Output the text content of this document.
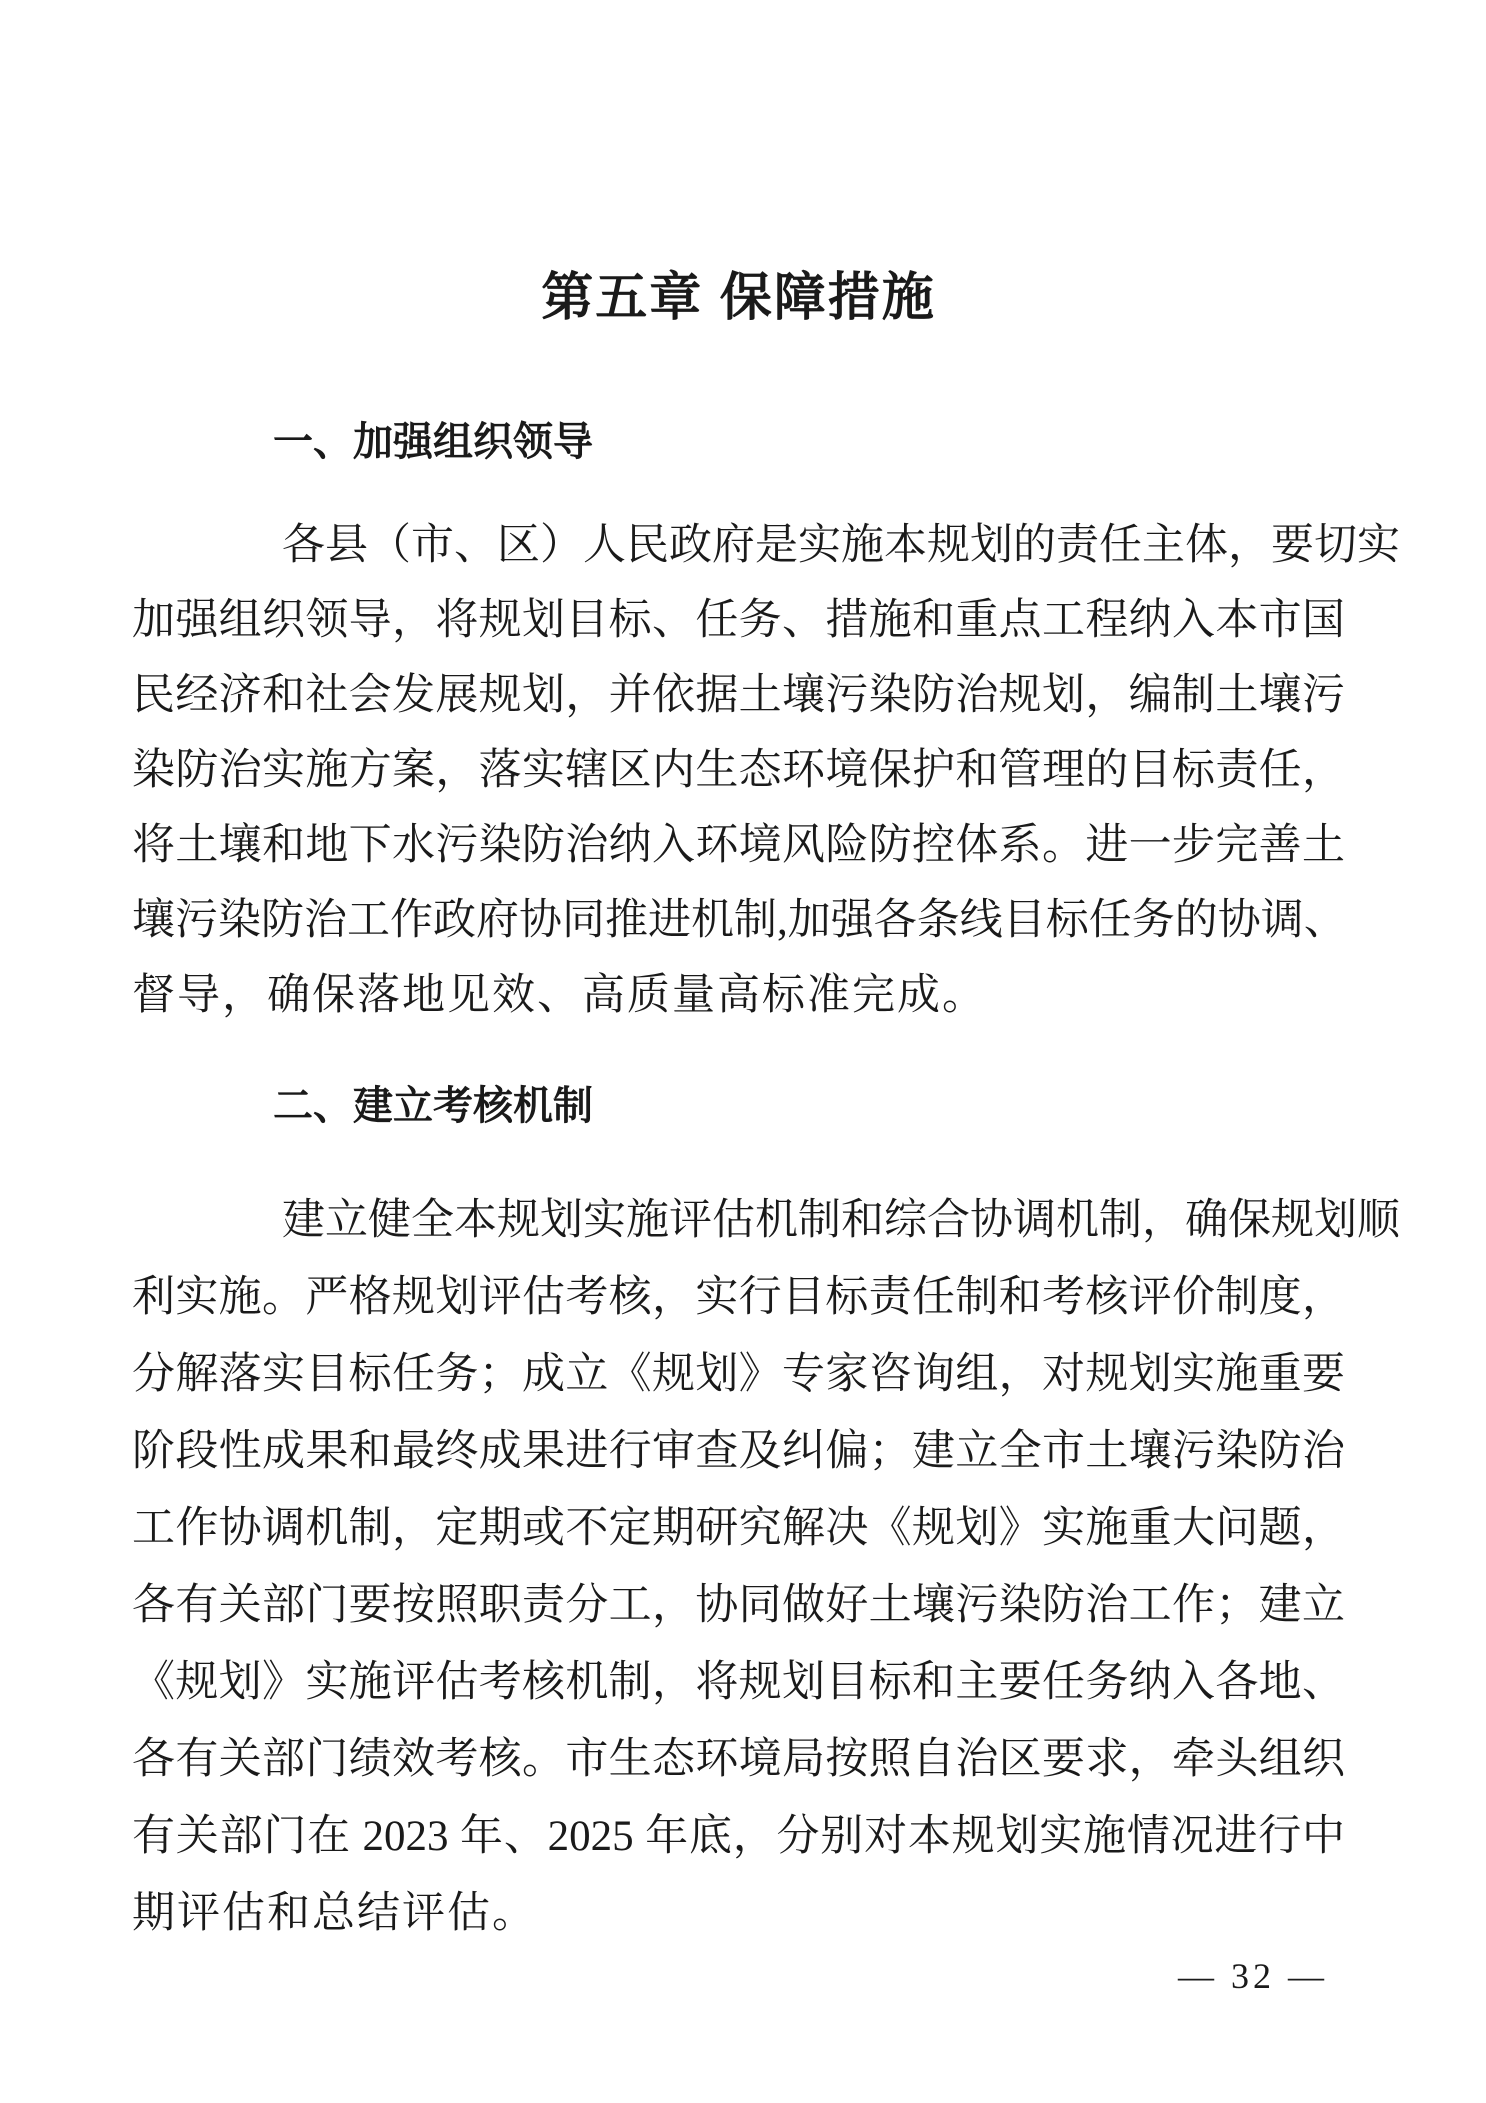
第五章 保障措施
一、加强组织领导
各县（市、区）人民政府是实施本规划的责任主体，要切实
加强组织领导，将规划目标、任务、措施和重点工程纳入本市国
民经济和社会发展规划，并依据土壤污染防治规划，编制土壤污
染防治实施方案，落实辖区内生态环境保护和管理的目标责任，
将土壤和地下水污染防治纳入环境风险防控体系。进一步完善土
壤污染防治工作政府协同推进机制,加强各条线目标任务的协调、
督导，确保落地见效、高质量高标准完成。
二、建立考核机制
建立健全本规划实施评估机制和综合协调机制，确保规划顺
利实施。严格规划评估考核，实行目标责任制和考核评价制度，
分解落实目标任务；成立《规划》专家咨询组，对规划实施重要
阶段性成果和最终成果进行审查及纠偏；建立全市土壤污染防治
工作协调机制，定期或不定期研究解决《规划》实施重大问题，
各有关部门要按照职责分工，协同做好土壤污染防治工作；建立
《规划》实施评估考核机制，将规划目标和主要任务纳入各地、
各有关部门绩效考核。市生态环境局按照自治区要求，牵头组织
有关部门在 2023 年、2025 年底，分别对本规划实施情况进行中
期评估和总结评估。
— 32 —
